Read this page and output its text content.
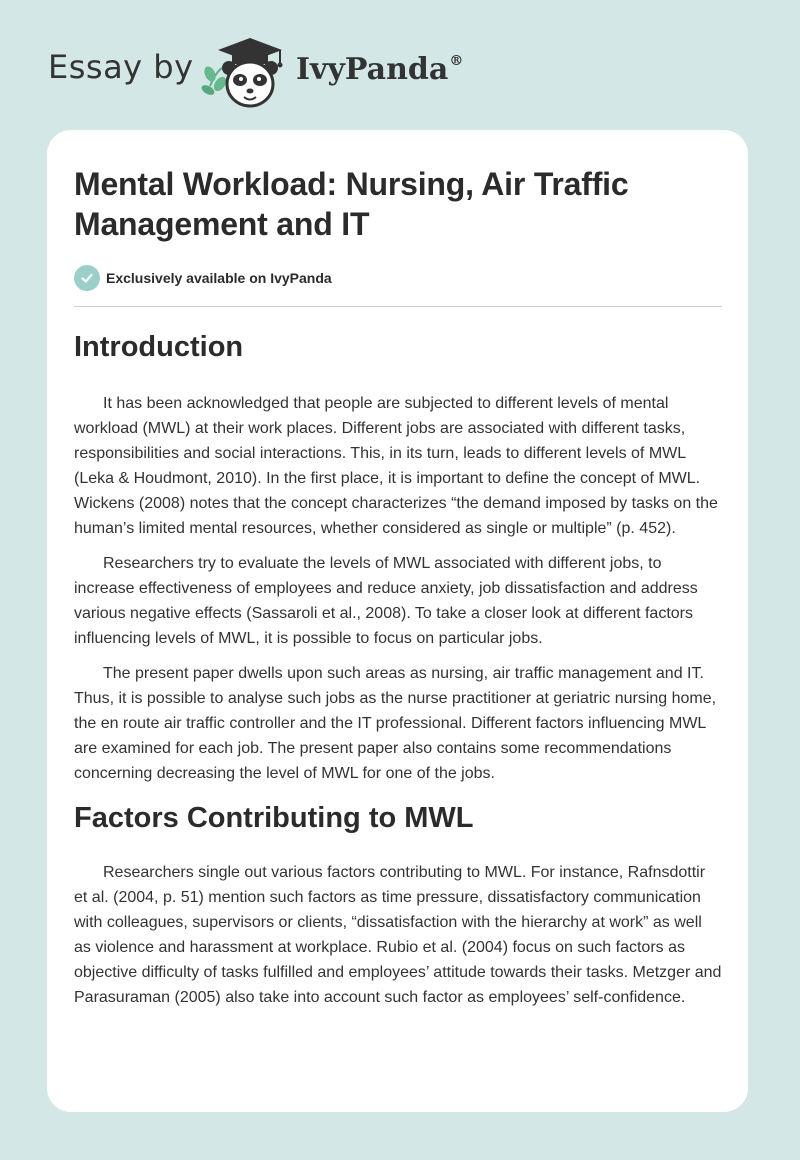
Essay by	IvyPanda®
Mental Workload: Nursing, Air Traffic Management and IT
Exclusively available on IvyPanda
Introduction

It has been acknowledged that people are subjected to different levels of mental workload (MWL) at their work places. Different jobs are associated with different tasks, responsibilities and social interactions. This, in its turn, leads to different levels of MWL (Leka & Houdmont, 2010). In the first place, it is important to define the concept of MWL. Wickens (2008) notes that the concept characterizes “the demand imposed by tasks on the human’s limited mental resources, whether considered as single or multiple” (p. 452).

Researchers try to evaluate the levels of MWL associated with different jobs, to increase effectiveness of employees and reduce anxiety, job dissatisfaction and address various negative effects (Sassaroli et al., 2008). To take a closer look at different factors influencing levels of MWL, it is possible to focus on particular jobs.

The present paper dwells upon such areas as nursing, air traffic management and IT. Thus, it is possible to analyse such jobs as the nurse practitioner at geriatric nursing home, the en route air traffic controller and the IT professional. Different factors influencing MWL are examined for each job. The present paper also contains some recommendations concerning decreasing the level of MWL for one of the jobs.

Factors Contributing to MWL

Researchers single out various factors contributing to MWL. For instance, Rafnsdottir et al. (2004, p. 51) mention such factors as time pressure, dissatisfactory communication with colleagues, supervisors or clients, “dissatisfaction with the hierarchy at work” as well as violence and harassment at workplace. Rubio et al. (2004) focus on such factors as objective difficulty of tasks fulfilled and employees’ attitude towards their tasks. Metzger and Parasuraman (2005) also take into account such factor as employees’ self-confidence.
